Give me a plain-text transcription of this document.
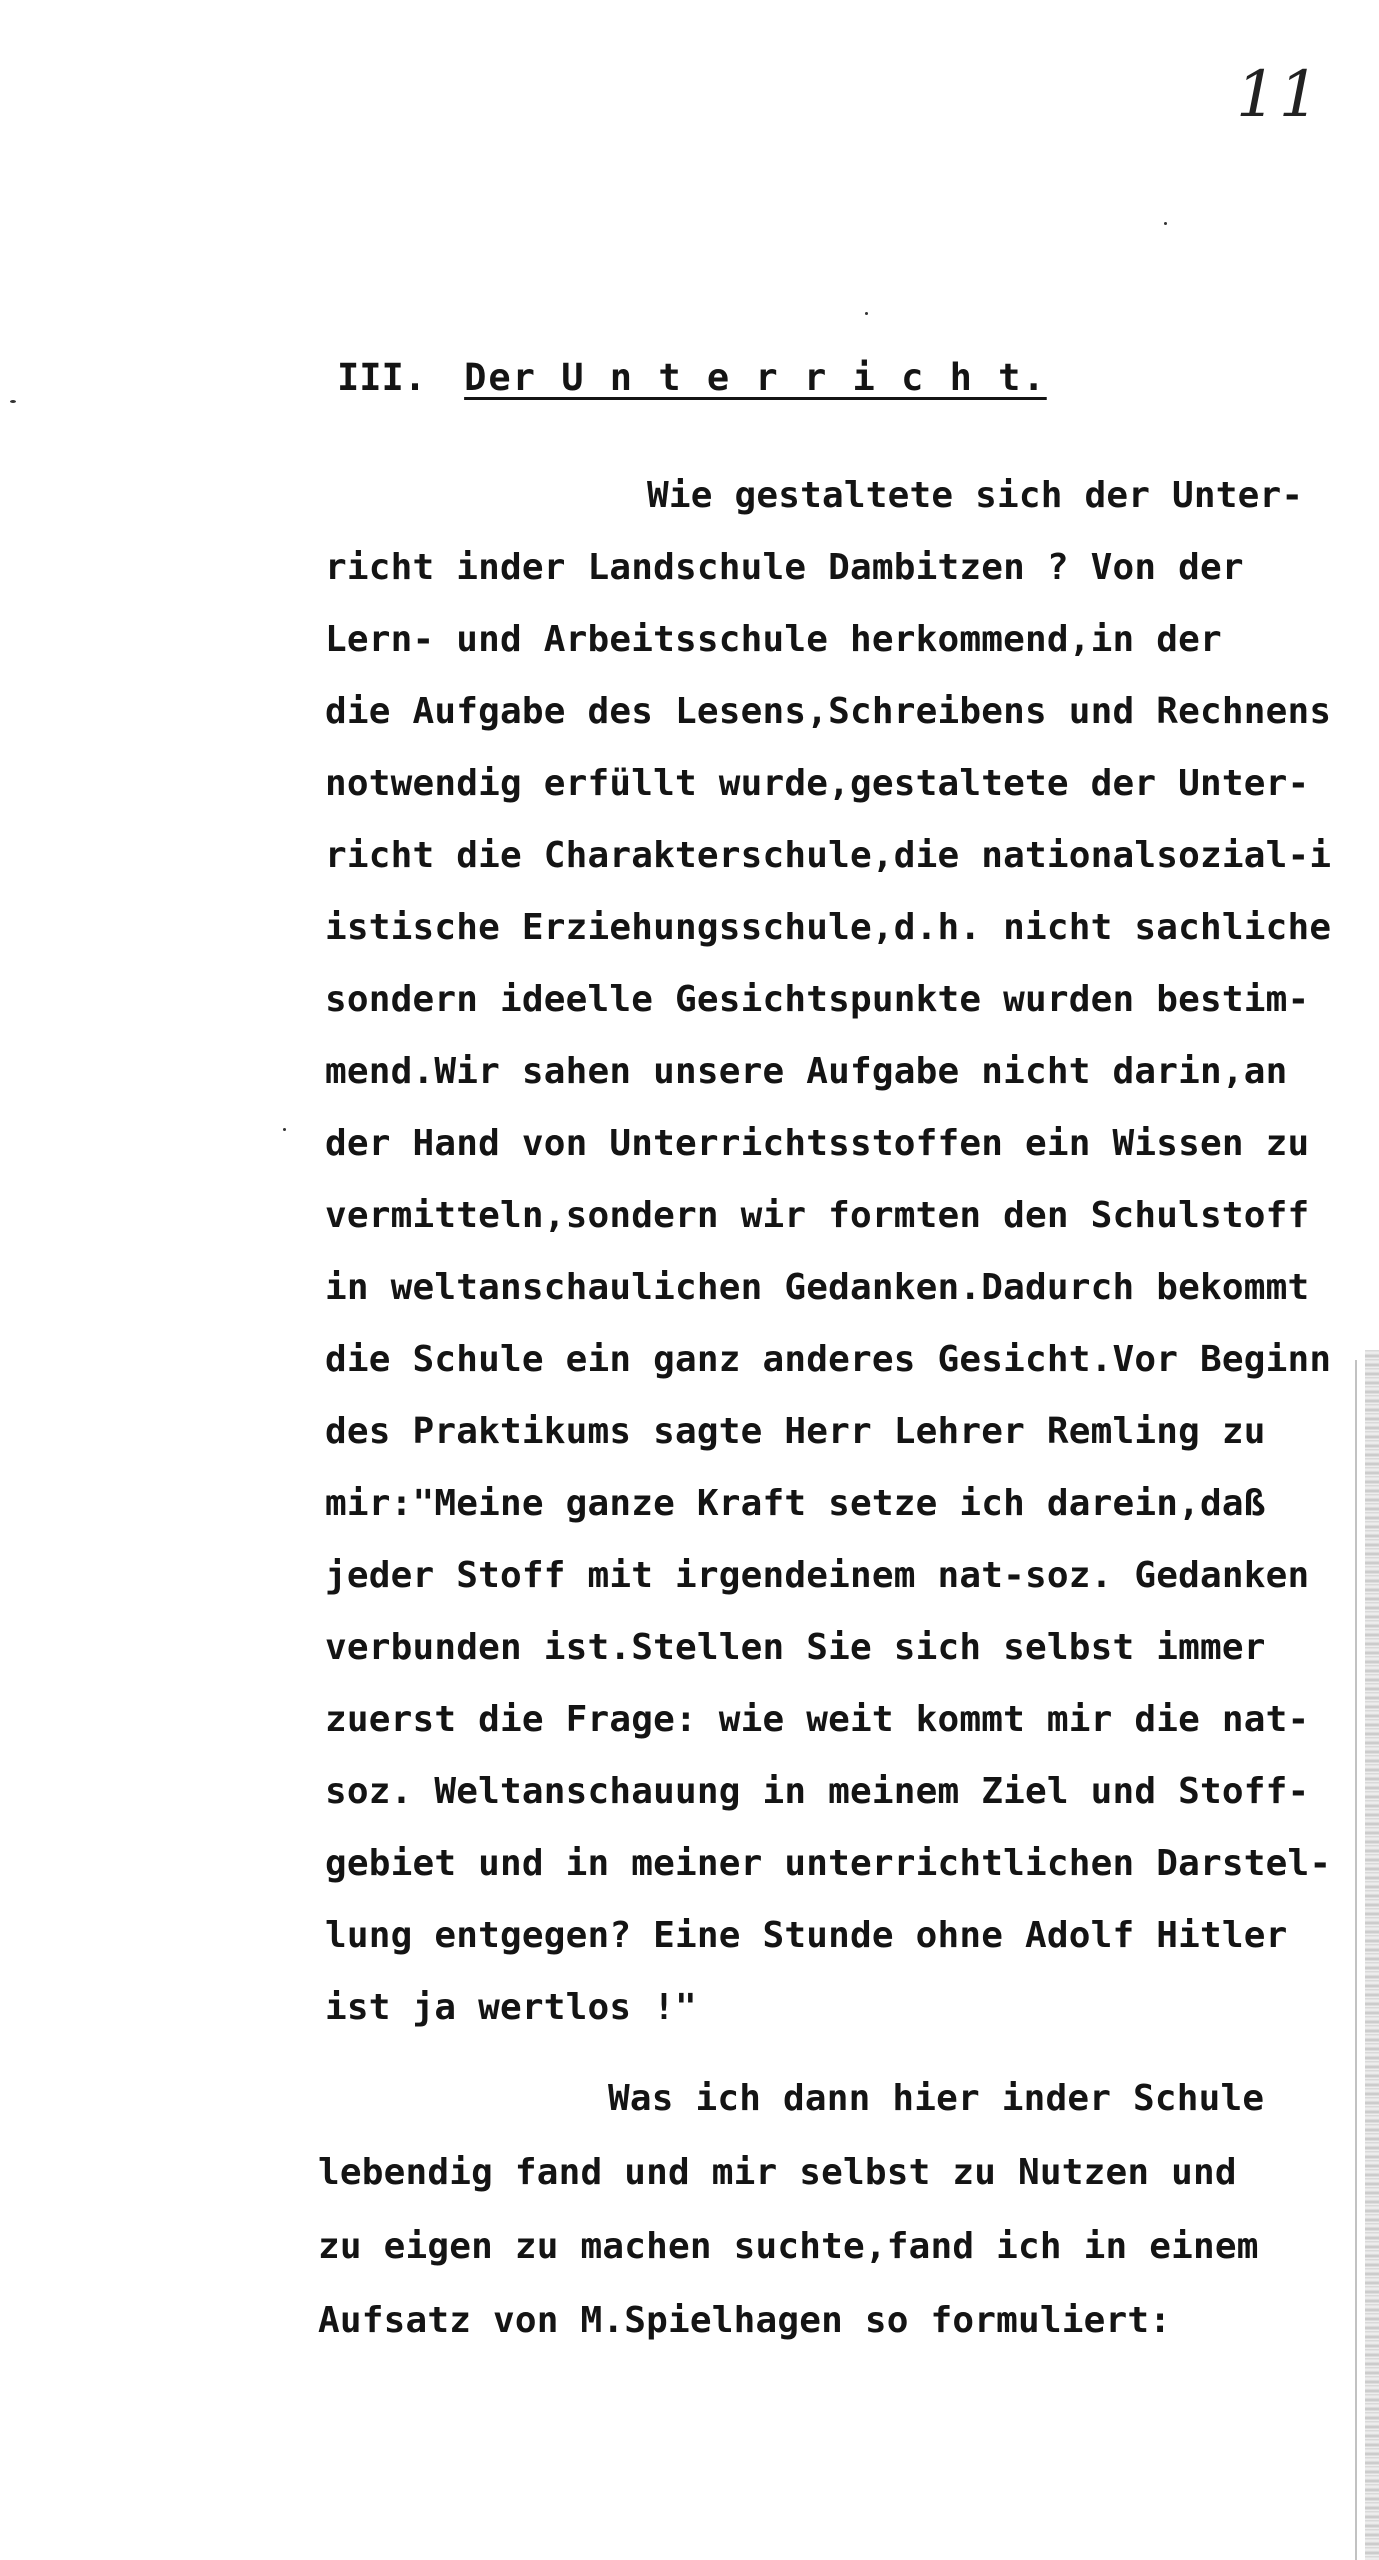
11
III. Der U n t e r r i c h t.
Wie gestaltete sich der Unter-
richt inder Landschule Dambitzen ? Von der
Lern- und Arbeitsschule herkommend,in der
die Aufgabe des Lesens,Schreibens und Rechnens
notwendig erfüllt wurde,gestaltete der Unter-
richt die Charakterschule,die nationalsozial-i
istische Erziehungsschule,d.h. nicht sachliche
sondern ideelle Gesichtspunkte wurden bestim-
mend.Wir sahen unsere Aufgabe nicht darin,an
der Hand von Unterrichtsstoffen ein Wissen zu
vermitteln,sondern wir formten den Schulstoff
in weltanschaulichen Gedanken.Dadurch bekommt
die Schule ein ganz anderes Gesicht.Vor Beginn
des Praktikums sagte Herr Lehrer Remling zu
mir:"Meine ganze Kraft setze ich darein,daß
jeder Stoff mit irgendeinem nat-soz. Gedanken
verbunden ist.Stellen Sie sich selbst immer
zuerst die Frage: wie weit kommt mir die nat-
soz. Weltanschauung in meinem Ziel und Stoff-
gebiet und in meiner unterrichtlichen Darstel-
lung entgegen? Eine Stunde ohne Adolf Hitler
ist ja wertlos !"
Was ich dann hier inder Schule
lebendig fand und mir selbst zu Nutzen und
zu eigen zu machen suchte,fand ich in einem
Aufsatz von M.Spielhagen so formuliert:
